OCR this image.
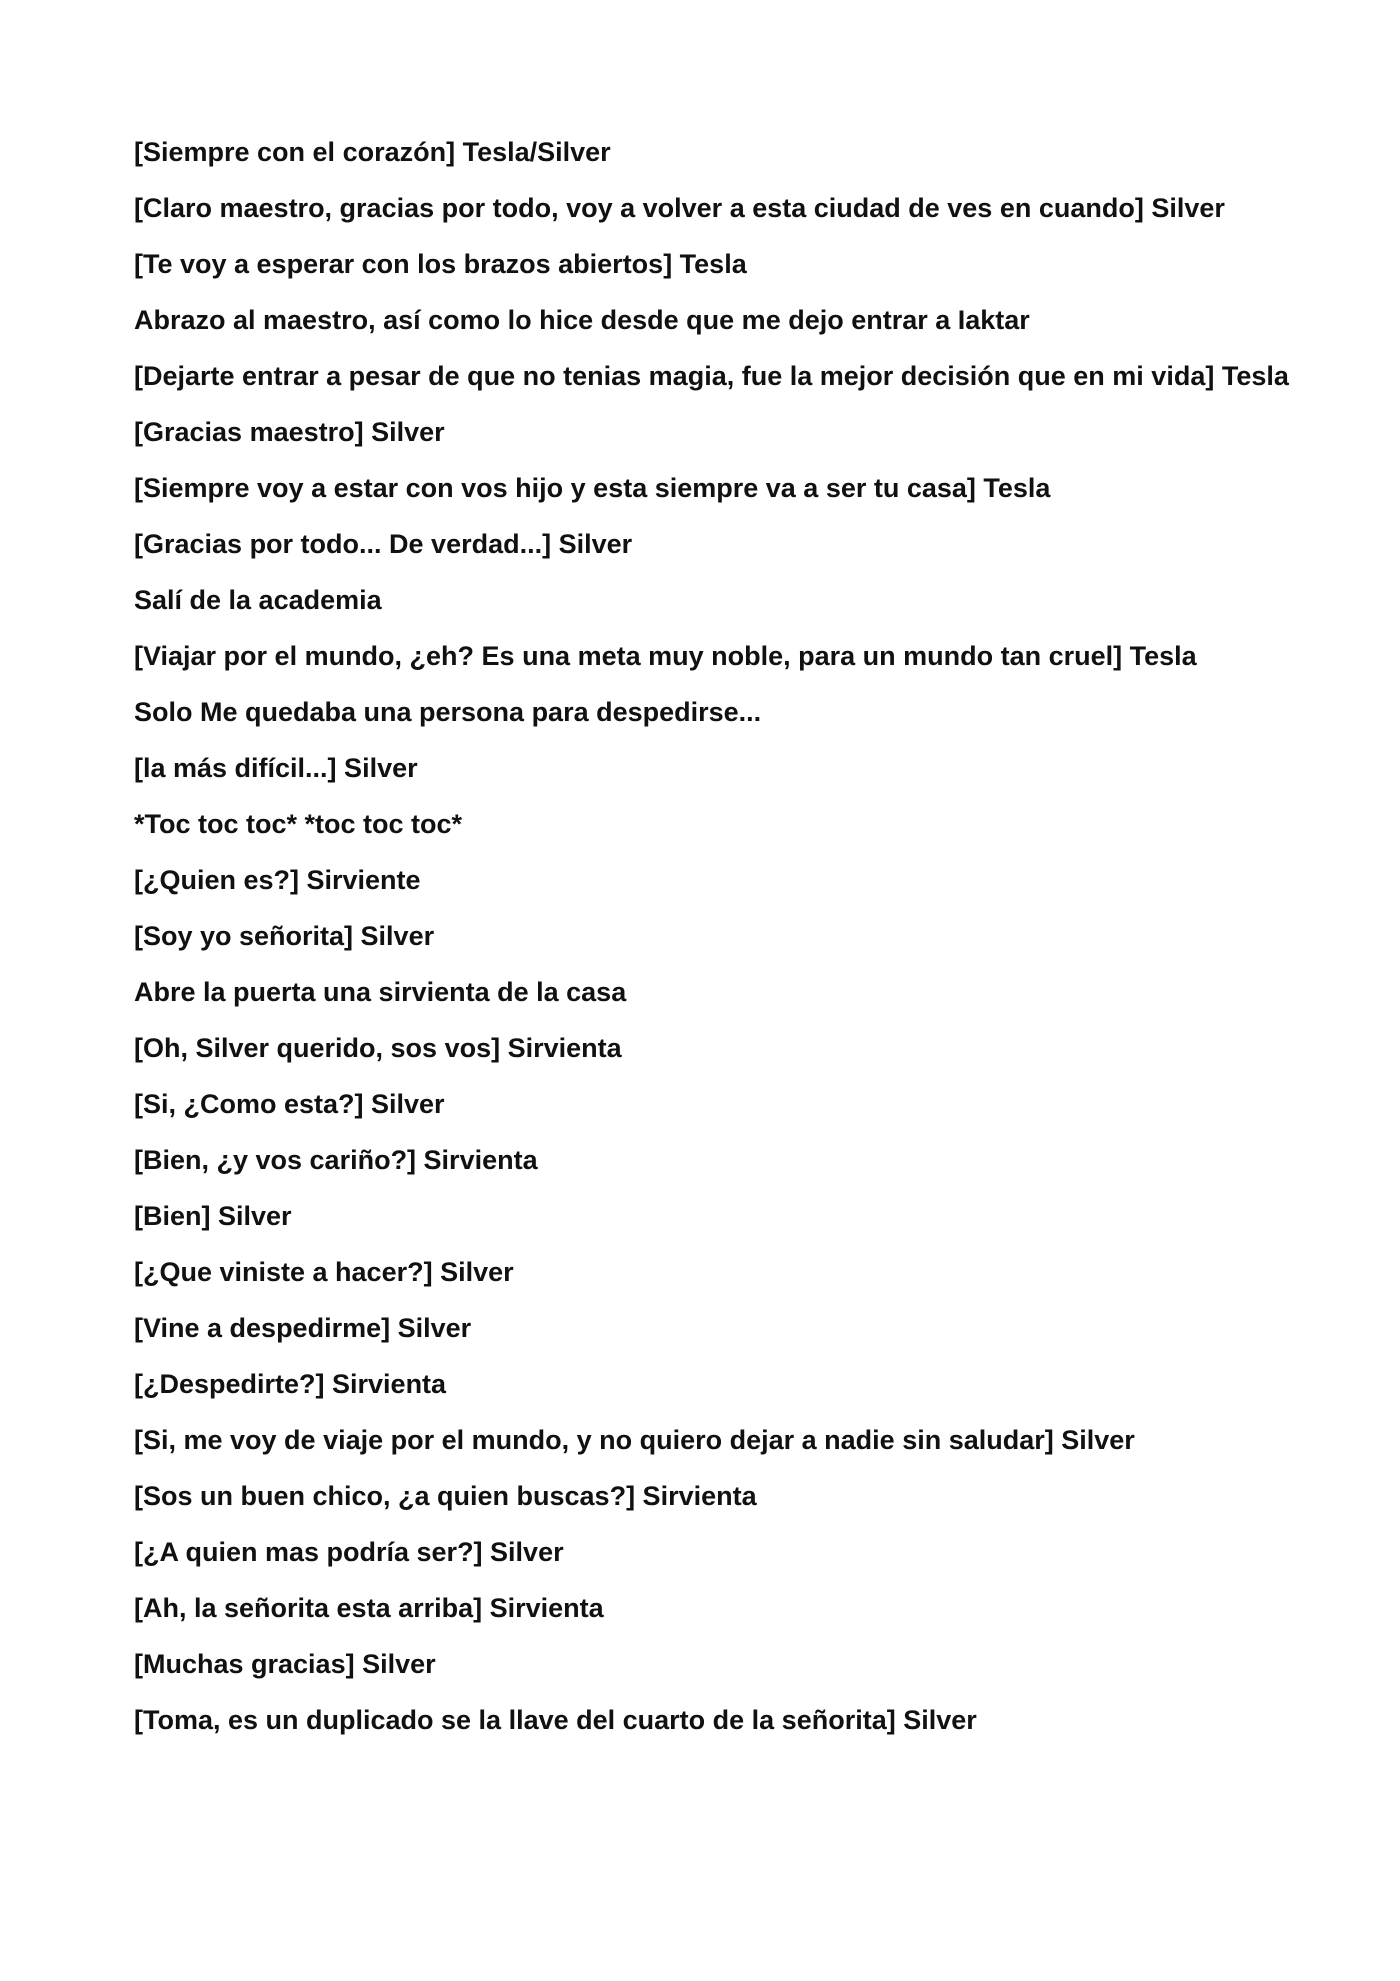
[Siempre con el corazón] Tesla/Silver

[Claro maestro, gracias por todo, voy a volver a esta ciudad de ves en cuando] Silver

[Te voy a esperar con los brazos abiertos] Tesla

Abrazo al maestro, así como lo hice desde que me dejo entrar a Iaktar

[Dejarte entrar a pesar de que no tenias magia, fue la mejor decisión que en mi vida] Tesla

[Gracias maestro] Silver

[Siempre voy a estar con vos hijo y esta siempre va a ser tu casa] Tesla

[Gracias por todo... De verdad...] Silver

Salí de la academia

[Viajar por el mundo, ¿eh? Es una meta muy noble, para un mundo tan cruel] Tesla

Solo Me quedaba una persona para despedirse...

[la más difícil...] Silver

*Toc toc toc* *toc toc toc*

[¿Quien es?] Sirviente

[Soy yo señorita] Silver

Abre la puerta una sirvienta de la casa

[Oh, Silver querido, sos vos] Sirvienta

[Si, ¿Como esta?] Silver

[Bien, ¿y vos cariño?] Sirvienta

[Bien] Silver

[¿Que viniste a hacer?] Silver

[Vine a despedirme] Silver

[¿Despedirte?] Sirvienta

[Si, me voy de viaje por el mundo, y no quiero dejar a nadie sin saludar] Silver

[Sos un buen chico, ¿a quien buscas?] Sirvienta

[¿A quien mas podría ser?] Silver

[Ah, la señorita esta arriba] Sirvienta

[Muchas gracias] Silver

[Toma, es un duplicado se la llave del cuarto de la señorita] Silver
